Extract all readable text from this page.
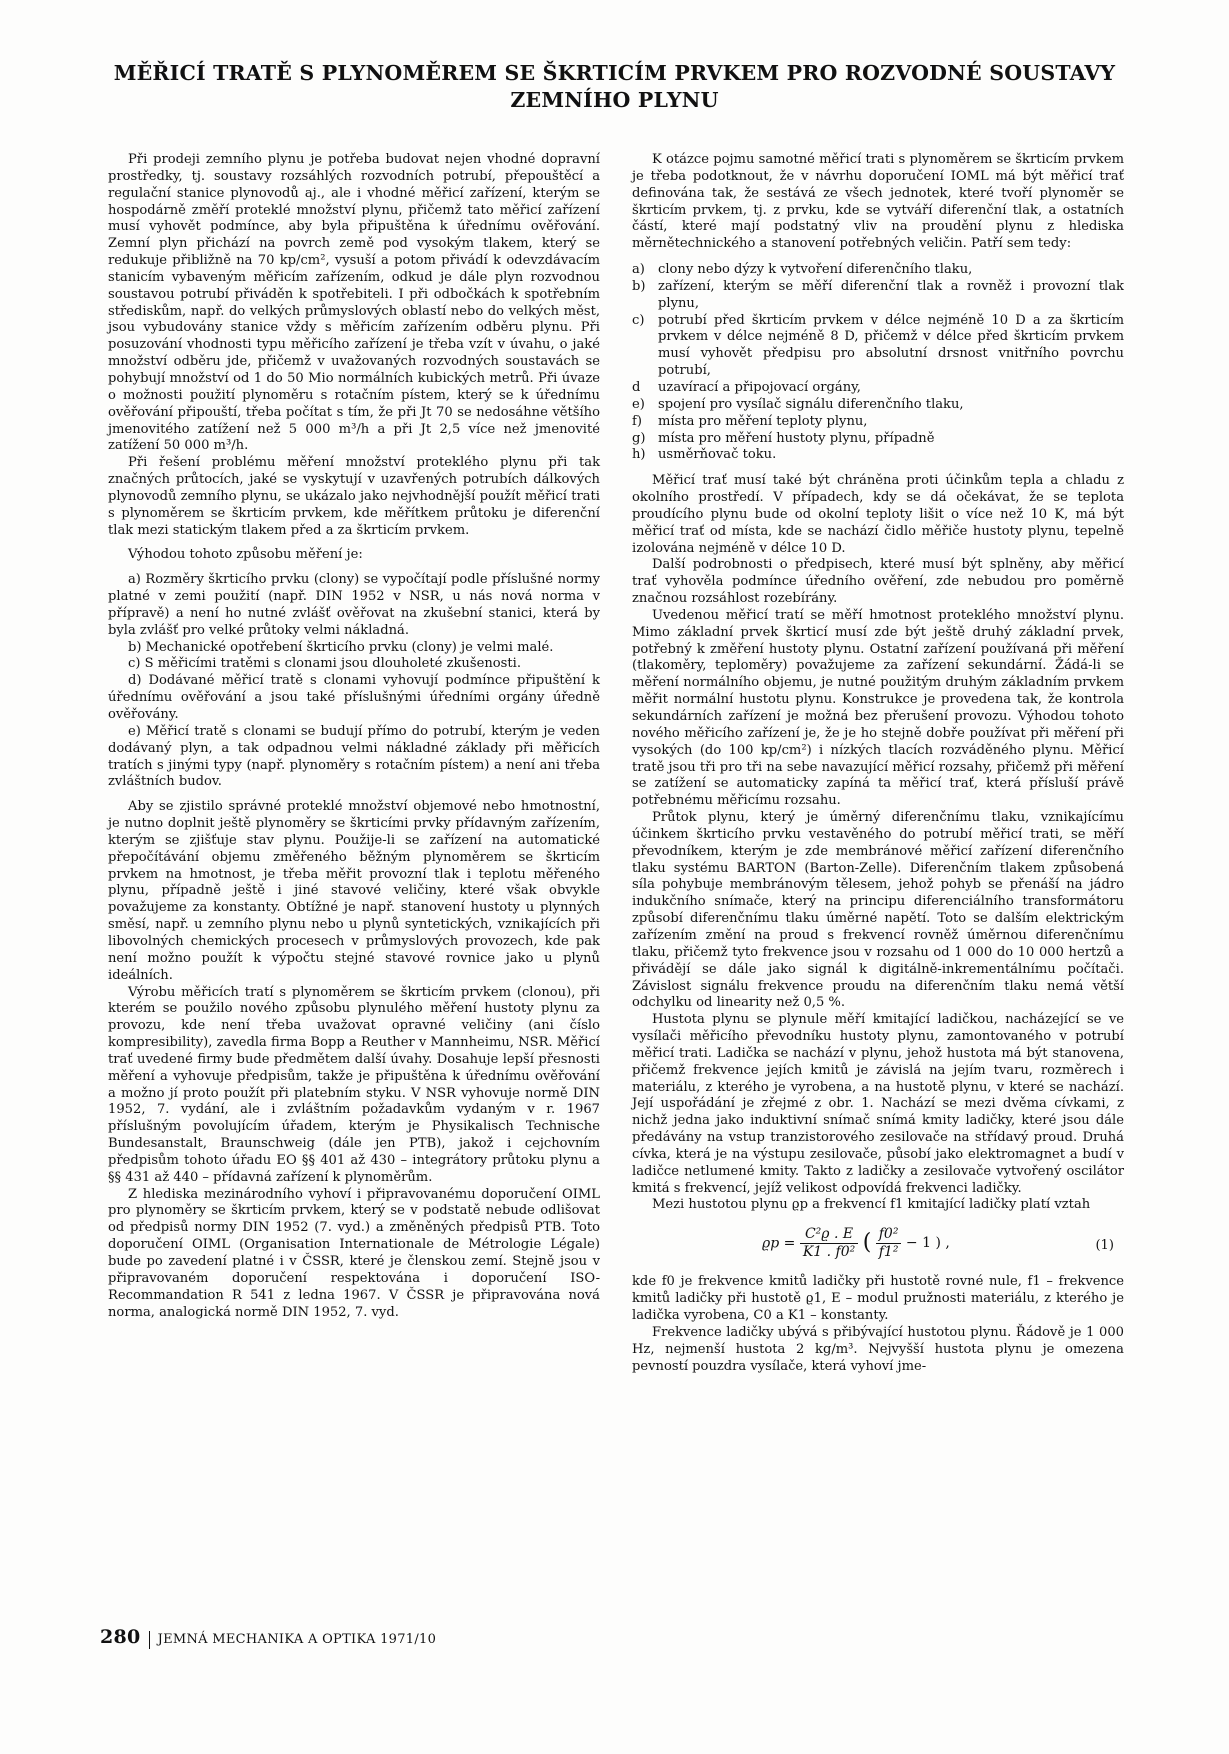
MĚŘICÍ TRATĚ S PLYNOMĚREM SE ŠKRTICÍM PRVKEM PRO ROZVODNÉ SOUSTAVY ZEMNÍHO PLYNU

Při prodeji zemního plynu je potřeba budovat nejen vhodné dopravní prostředky, tj. soustavy rozsáhlých rozvodních potrubí, přepouštěcí a regulační stanice plynovodů aj., ale i vhodné měřicí zařízení, kterým se hospodárně změří proteklé množství plynu, přičemž tato měřicí zařízení musí vyhovět podmínce, aby byla připuštěna k úřednímu ověřování. Zemní plyn přichází na povrch země pod vysokým tlakem, který se redukuje přibližně na 70 kp/cm², vysuší a potom přivádí k odevzdávacím stanicím vybaveným měřicím zařízením, odkud je dále plyn rozvodnou soustavou potrubí přiváděn k spotřebiteli. I při odbočkách k spotřebním střediskům, např. do velkých průmyslových oblastí nebo do velkých měst, jsou vybudovány stanice vždy s měřicím zařízením odběru plynu. Při posuzování vhodnosti typu měřicího zařízení je třeba vzít v úvahu, o jaké množství odběru jde, přičemž v uvažovaných rozvodných soustavách se pohybují množství od 1 do 50 Mio normálních kubických metrů. Při úvaze o možnosti použití plynoměru s rotačním pístem, který se k úřednímu ověřování připouští, třeba počítat s tím, že při Jt 70 se nedosáhne většího jmenovitého zatížení než 5 000 m³/h a při Jt 2,5 více než jmenovité zatížení 50 000 m³/h.

Při řešení problému měření množství proteklého plynu při tak značných průtocích, jaké se vyskytují v uzavřených potrubích dálkových plynovodů zemního plynu, se ukázalo jako nejvhodnější použít měřicí trati s plynoměrem se škrticím prvkem, kde měřítkem průtoku je diferenční tlak mezi statickým tlakem před a za škrticím prvkem.

Výhodou tohoto způsobu měření je:

a) Rozměry škrticího prvku (clony) se vypočítají podle příslušné normy platné v zemi použití (např. DIN 1952 v NSR, u nás nová norma v přípravě) a není ho nutné zvlášť ověřovat na zkušební stanici, která by byla zvlášť pro velké průtoky velmi nákladná.

b) Mechanické opotřebení škrticího prvku (clony) je velmi malé.

c) S měřicími tratěmi s clonami jsou dlouholeté zkušenosti.

d) Dodávané měřicí tratě s clonami vyhovují podmínce připuštění k úřednímu ověřování a jsou také příslušnými úředními orgány úředně ověřovány.

e) Měřicí tratě s clonami se budují přímo do potrubí, kterým je veden dodávaný plyn, a tak odpadnou velmi nákladné základy při měřicích tratích s jinými typy (např. plynoměry s rotačním pístem) a není ani třeba zvláštních budov.

Aby se zjistilo správné proteklé množství objemové nebo hmotnostní, je nutno doplnit ještě plynoměry se škrticími prvky přídavným zařízením, kterým se zjišťuje stav plynu. Použije-li se zařízení na automatické přepočítávání objemu změřeného běžným plynoměrem se škrticím prvkem na hmotnost, je třeba měřit provozní tlak i teplotu měřeného plynu, případně ještě i jiné stavové veličiny, které však obvykle považujeme za konstanty. Obtížné je např. stanovení hustoty u plynných směsí, např. u zemního plynu nebo u plynů syntetických, vznikajících při libovolných chemických procesech v průmyslových provozech, kde pak není možno použít k výpočtu stejné stavové rovnice jako u plynů ideálních.

Výrobu měřicích tratí s plynoměrem se škrticím prvkem (clonou), při kterém se použilo nového způsobu plynulého měření hustoty plynu za provozu, kde není třeba uvažovat opravné veličiny (ani číslo kompresibility), zavedla firma Bopp a Reuther v Mannheimu, NSR. Měřicí trať uvedené firmy bude předmětem další úvahy. Dosahuje lepší přesnosti měření a vyhovuje předpisům, takže je připuštěna k úřednímu ověřování a možno jí proto použít při platebním styku. V NSR vyhovuje normě DIN 1952, 7. vydání, ale i zvláštním požadavkům vydaným v r. 1967 příslušným povolujícím úřadem, kterým je Physikalisch Technische Bundesanstalt, Braunschweig (dále jen PTB), jakož i cejchovním předpisům tohoto úřadu EO §§ 401 až 430 – integrátory průtoku plynu a §§ 431 až 440 – přídavná zařízení k plynoměrům.

Z hlediska mezinárodního vyhoví i připravovanému doporučení OIML pro plynoměry se škrticím prvkem, který se v podstatě nebude odlišovat od předpisů normy DIN 1952 (7. vyd.) a změněných předpisů PTB. Toto doporučení OIML (Organisation Internationale de Métrologie Légale) bude po zavedení platné i v ČSSR, které je členskou zemí. Stejně jsou v připravovaném doporučení respektována i doporučení ISO-Recommandation R 541 z ledna 1967. V ČSSR je připravována nová norma, analogická normě DIN 1952, 7. vyd.

K otázce pojmu samotné měřicí trati s plynoměrem se škrticím prvkem je třeba podotknout, že v návrhu doporučení IOML má být měřicí trať definována tak, že sestává ze všech jednotek, které tvoří plynoměr se škrticím prvkem, tj. z prvku, kde se vytváří diferenční tlak, a ostatních částí, které mají podstatný vliv na proudění plynu z hlediska měrnětechnického a stanovení potřebných veličin. Patří sem tedy:

a) clony nebo dýzy k vytvoření diferenčního tlaku,
b) zařízení, kterým se měří diferenční tlak a rovněž i provozní tlak plynu,
c) potrubí před škrticím prvkem v délce nejméně 10 D a za škrticím prvkem v délce nejméně 8 D, přičemž v délce před škrticím prvkem musí vyhovět předpisu pro absolutní drsnost vnitřního povrchu potrubí,
d uzavírací a připojovací orgány,
e) spojení pro vysílač signálu diferenčního tlaku,
f) místa pro měření teploty plynu,
g) místa pro měření hustoty plynu, případně
h) usměrňovač toku.

Měřicí trať musí také být chráněna proti účinkům tepla a chladu z okolního prostředí. V případech, kdy se dá očekávat, že se teplota proudícího plynu bude od okolní teploty lišit o více než 10 K, má být měřicí trať od místa, kde se nachází čidlo měřiče hustoty plynu, tepelně izolována nejméně v délce 10 D.

Další podrobnosti o předpisech, které musí být splněny, aby měřicí trať vyhověla podmínce úředního ověření, zde nebudou pro poměrně značnou rozsáhlost rozebírány.

Uvedenou měřicí tratí se měří hmotnost proteklého množství plynu. Mimo základní prvek škrticí musí zde být ještě druhý základní prvek, potřebný k změření hustoty plynu. Ostatní zařízení používaná při měření (tlakoměry, teploměry) považujeme za zařízení sekundární. Žádá-li se měření normálního objemu, je nutné použitým druhým základním prvkem měřit normální hustotu plynu. Konstrukce je provedena tak, že kontrola sekundárních zařízení je možná bez přerušení provozu. Výhodou tohoto nového měřicího zařízení je, že je ho stejně dobře používat při měření při vysokých (do 100 kp/cm²) i nízkých tlacích rozváděného plynu. Měřicí tratě jsou tři pro tři na sebe navazující měřicí rozsahy, přičemž při měření se zatížení se automaticky zapíná ta měřicí trať, která přísluší právě potřebnému měřicímu rozsahu.

Průtok plynu, který je úměrný diferenčnímu tlaku, vznikajícímu účinkem škrticího prvku vestavěného do potrubí měřicí trati, se měří převodníkem, kterým je zde membránové měřicí zařízení diferenčního tlaku systému BARTON (Barton-Zelle). Diferenčním tlakem způsobená síla pohybuje membránovým tělesem, jehož pohyb se přenáší na jádro indukčního snímače, který na principu diferenciálního transformátoru způsobí diferenčnímu tlaku úměrné napětí. Toto se dalším elektrickým zařízením změní na proud s frekvencí rovněž úměrnou diferenčnímu tlaku, přičemž tyto frekvence jsou v rozsahu od 1 000 do 10 000 hertzů a přivádějí se dále jako signál k digitálně-inkrementálnímu počítači. Závislost signálu frekvence proudu na diferenčním tlaku nemá větší odchylku od linearity než 0,5 %.

Hustota plynu se plynule měří kmitající ladičkou, nacházející se ve vysílači měřicího převodníku hustoty plynu, zamontovaného v potrubí měřicí trati. Ladička se nachází v plynu, jehož hustota má být stanovena, přičemž frekvence jejích kmitů je závislá na jejím tvaru, rozměrech i materiálu, z kterého je vyrobena, a na hustotě plynu, v které se nachází. Její uspořádání je zřejmé z obr. 1. Nachází se mezi dvěma cívkami, z nichž jedna jako induktivní snímač snímá kmity ladičky, které jsou dále předávány na vstup tranzistorového zesilovače na střídavý proud. Druhá cívka, která je na výstupu zesilovače, působí jako elektromagnet a budí v ladičce netlumené kmity. Takto z ladičky a zesilovače vytvořený oscilátor kmitá s frekvencí, jejíž velikost odpovídá frekvenci ladičky.

Mezi hustotou plynu ϱp a frekvencí f1 kmitající ladičky platí vztah

$ϱp = \frac{\text{C²ϱ . E}}{\text{K1 . f0²}}$ ( $\frac{\text{f0²}}{\text{f1²}} - 1$ ) ,	(1)

kde f0 je frekvence kmitů ladičky při hustotě rovné nule, f1 – frekvence kmitů ladičky při hustotě ϱ1, E – modul pružnosti materiálu, z kterého je ladička vyrobena, C0 a K1 – konstanty.

Frekvence ladičky ubývá s přibývající hustotou plynu. Řádově je 1 000 Hz, nejmenší hustota 2 kg/m³. Nejvyšší hustota plynu je omezena pevností pouzdra vysílače, která vyhoví jme-

280 JEMNÁ MECHANIKA A OPTIKA 1971/10
